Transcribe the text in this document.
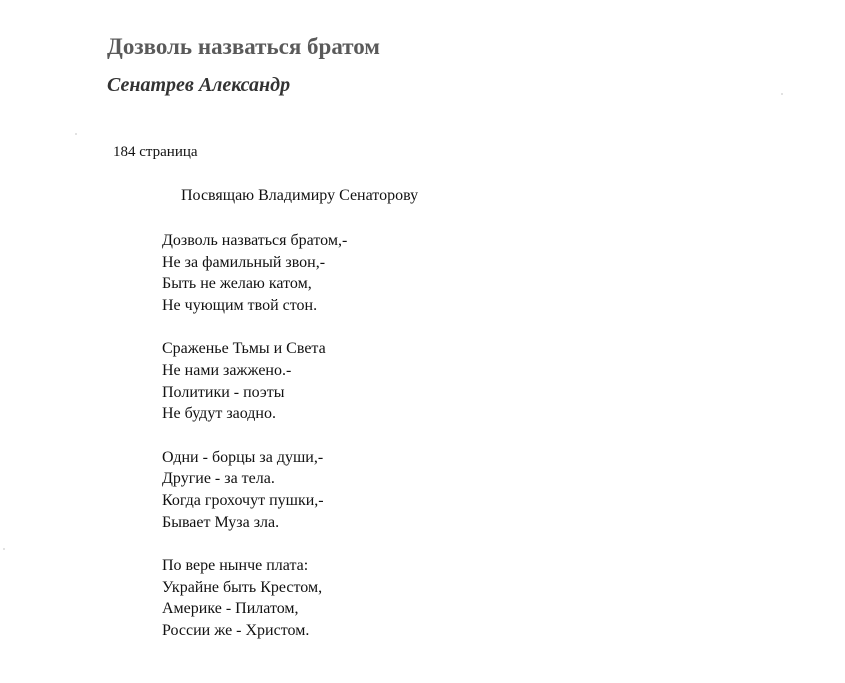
Дозволь назваться братом
Сенатрев Александр
184 страница
Посвящаю Владимиру Сенаторову
Дозволь назваться братом,-
Не за фамильный звон,-
Быть не желаю катом,
Не чующим твой стон.
Сраженье Тьмы и Света
Не нами зажжено.-
Политики - поэты
Не будут заодно.
Одни - борцы за души,-
Другие - за тела.
Когда грохочут пушки,-
Бывает Муза зла.
По вере нынче плата:
Украйне быть Крестом,
Америке - Пилатом,
России же - Христом.
